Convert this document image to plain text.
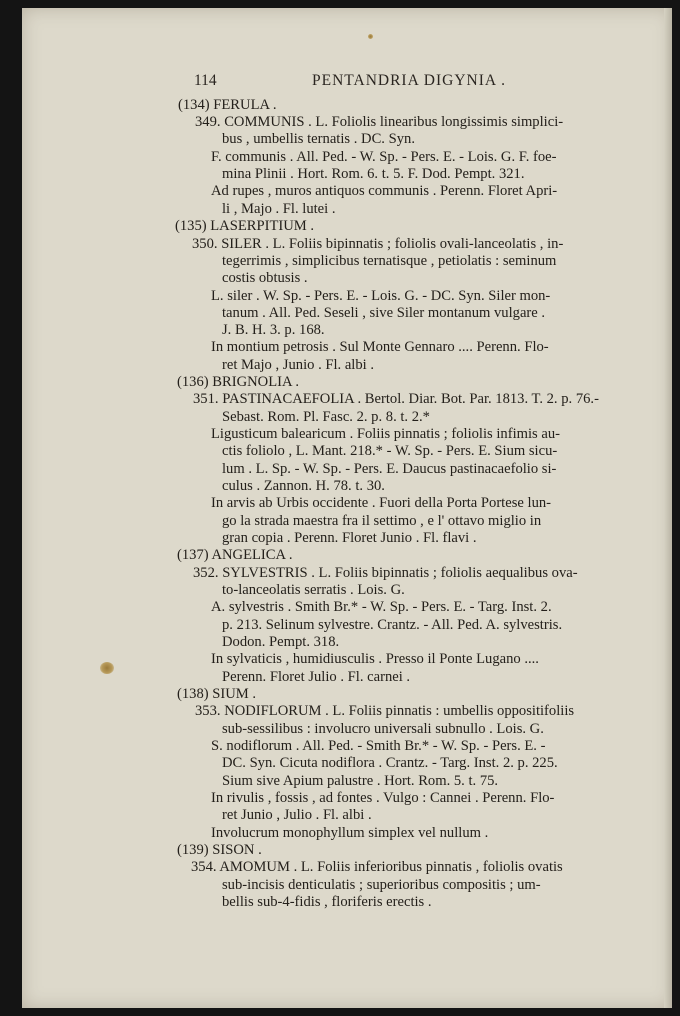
114	PENTANDRIA DIGYNIA .
(134) FERULA .
349. COMMUNIS . L. Foliolis linearibus longissimis simplici-
bus , umbellis ternatis . DC. Syn.
F. communis . All. Ped. - W. Sp. - Pers. E. - Lois. G. F. foe-
mina Plinii . Hort. Rom. 6. t. 5. F. Dod. Pempt. 321.
Ad rupes , muros antiquos communis . Perenn. Floret Apri-
li , Majo . Fl. lutei .
(135) LASERPITIUM .
350. SILER . L. Foliis bipinnatis ; foliolis ovali-lanceolatis , in-
tegerrimis , simplicibus ternatisque , petiolatis : seminum
costis obtusis .
L. siler . W. Sp. - Pers. E. - Lois. G. - DC. Syn. Siler mon-
tanum . All. Ped. Seseli , sive Siler montanum vulgare .
J. B. H. 3. p. 168.
In montium petrosis . Sul Monte Gennaro .... Perenn. Flo-
ret Majo , Junio . Fl. albi .
(136) BRIGNOLIA .
351. PASTINACAEFOLIA . Bertol. Diar. Bot. Par. 1813. T. 2. p. 76.-
Sebast. Rom. Pl. Fasc. 2. p. 8. t. 2.*
Ligusticum balearicum . Foliis pinnatis ; foliolis infimis au-
ctis foliolo , L. Mant. 218.* - W. Sp. - Pers. E. Sium sicu-
lum . L. Sp. - W. Sp. - Pers. E. Daucus pastinacaefolio si-
culus . Zannon. H. 78. t. 30.
In arvis ab Urbis occidente . Fuori della Porta Portese lun-
go la strada maestra fra il settimo , e l' ottavo miglio in
gran copia . Perenn. Floret Junio . Fl. flavi .
(137) ANGELICA .
352. SYLVESTRIS . L. Foliis bipinnatis ; foliolis aequalibus ova-
to-lanceolatis serratis . Lois. G.
A. sylvestris . Smith Br.* - W. Sp. - Pers. E. - Targ. Inst. 2.
p. 213. Selinum sylvestre. Crantz. - All. Ped. A. sylvestris.
Dodon. Pempt. 318.
In sylvaticis , humidiusculis . Presso il Ponte Lugano ....
Perenn. Floret Julio . Fl. carnei .
(138) SIUM .
353. NODIFLORUM . L. Foliis pinnatis : umbellis oppositifoliis
sub-sessilibus : involucro universali subnullo . Lois. G.
S. nodiflorum . All. Ped. - Smith Br.* - W. Sp. - Pers. E. -
DC. Syn. Cicuta nodiflora . Crantz. - Targ. Inst. 2. p. 225.
Sium sive Apium palustre . Hort. Rom. 5. t. 75.
In rivulis , fossis , ad fontes . Vulgo : Cannei . Perenn. Flo-
ret Junio , Julio . Fl. albi .
Involucrum monophyllum simplex vel nullum .
(139) SISON .
354. AMOMUM . L. Foliis inferioribus pinnatis , foliolis ovatis
sub-incisis denticulatis ; superioribus compositis ; um-
bellis sub-4-fidis , floriferis erectis .
